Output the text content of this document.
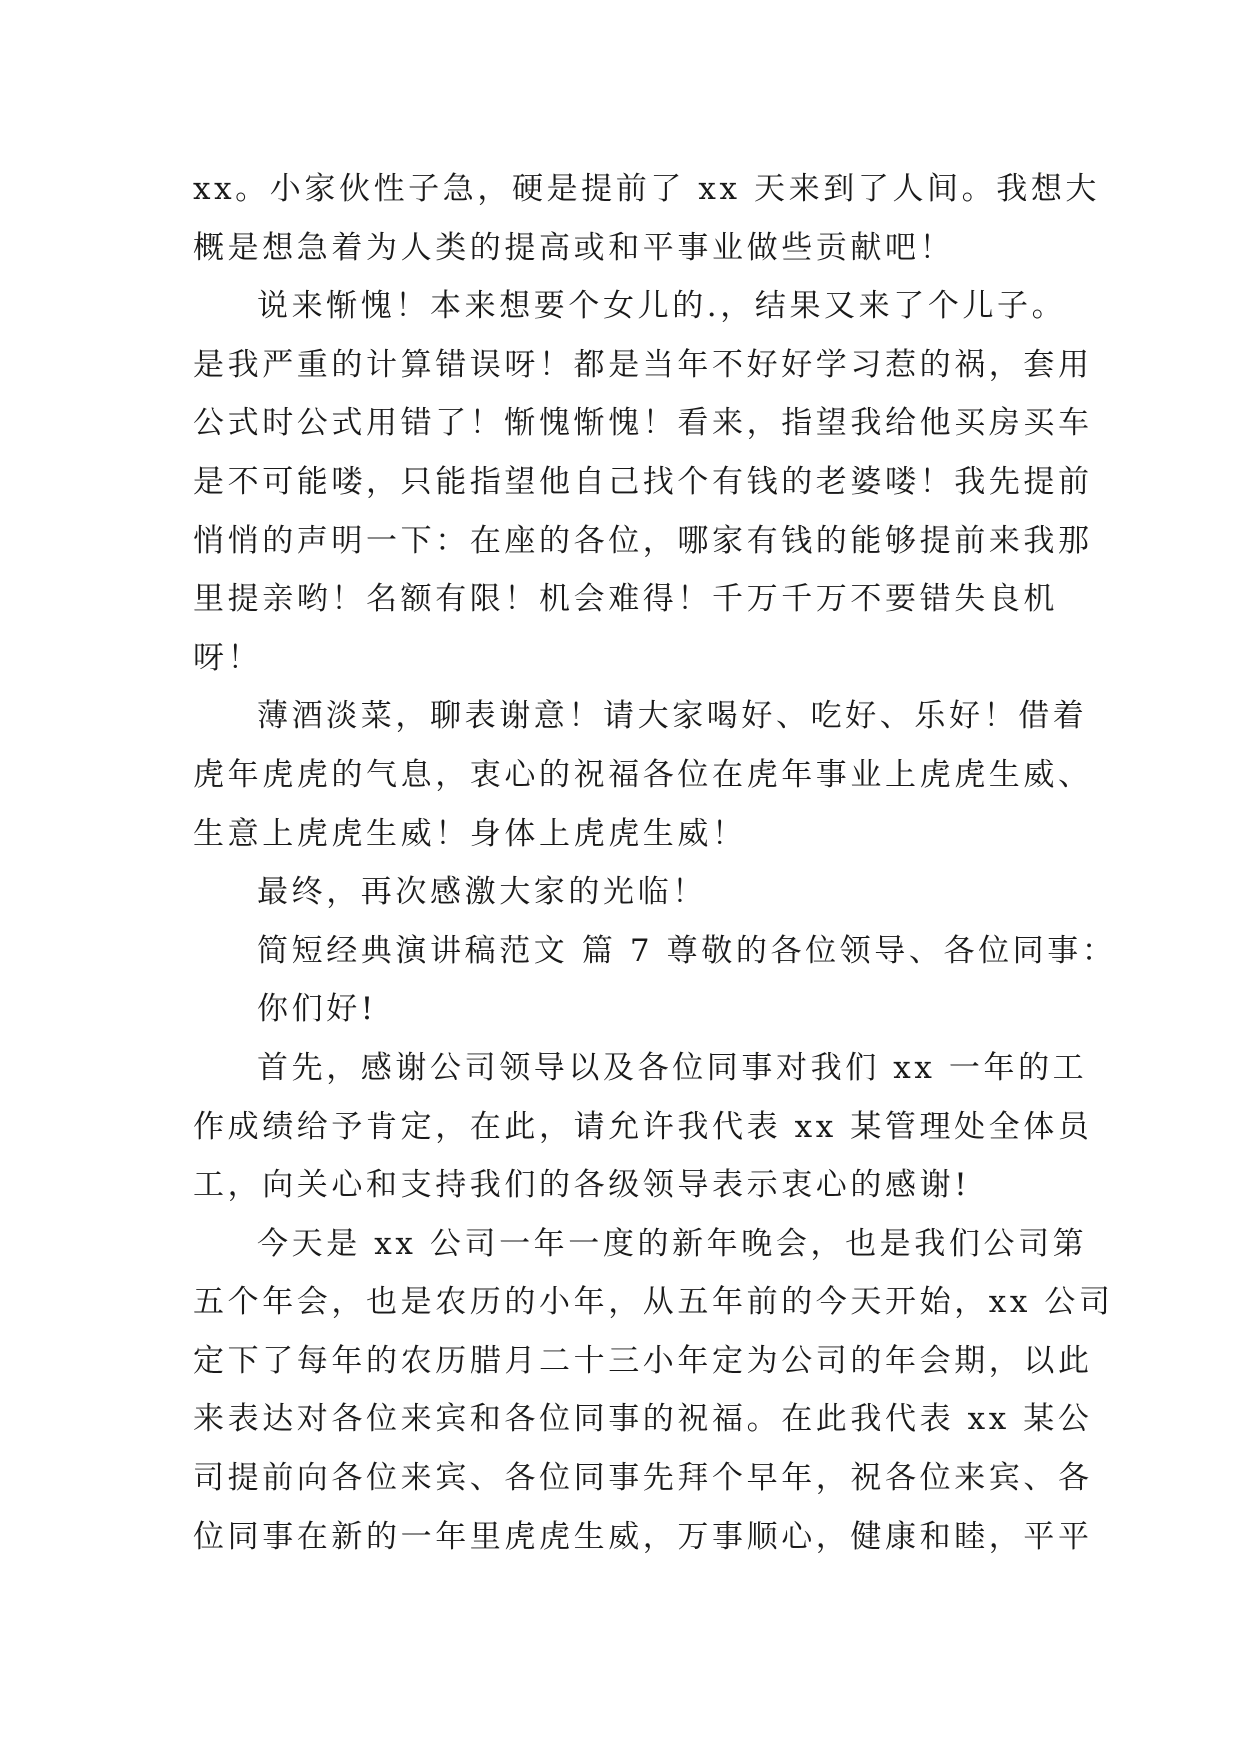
xx。小家伙性子急，硬是提前了 xx 天来到了人间。我想大
概是想急着为人类的提高或和平事业做些贡献吧！
说来惭愧！本来想要个女儿的.，结果又来了个儿子。
是我严重的计算错误呀！都是当年不好好学习惹的祸，套用
公式时公式用错了！惭愧惭愧！看来，指望我给他买房买车
是不可能喽，只能指望他自己找个有钱的老婆喽！我先提前
悄悄的声明一下：在座的各位，哪家有钱的能够提前来我那
里提亲哟！名额有限！机会难得！千万千万不要错失良机
呀！
薄酒淡菜，聊表谢意！请大家喝好、吃好、乐好！借着
虎年虎虎的气息，衷心的祝福各位在虎年事业上虎虎生威、
生意上虎虎生威！身体上虎虎生威！
最终，再次感激大家的光临！
简短经典演讲稿范文 篇 7 尊敬的各位领导、各位同事：
你们好!
首先，感谢公司领导以及各位同事对我们 xx 一年的工
作成绩给予肯定，在此，请允许我代表 xx 某管理处全体员
工，向关心和支持我们的各级领导表示衷心的感谢!
今天是 xx 公司一年一度的新年晚会，也是我们公司第
五个年会，也是农历的小年，从五年前的今天开始，xx 公司
定下了每年的农历腊月二十三小年定为公司的年会期，以此
来表达对各位来宾和各位同事的祝福。在此我代表 xx 某公
司提前向各位来宾、各位同事先拜个早年，祝各位来宾、各
位同事在新的一年里虎虎生威，万事顺心，健康和睦，平平
